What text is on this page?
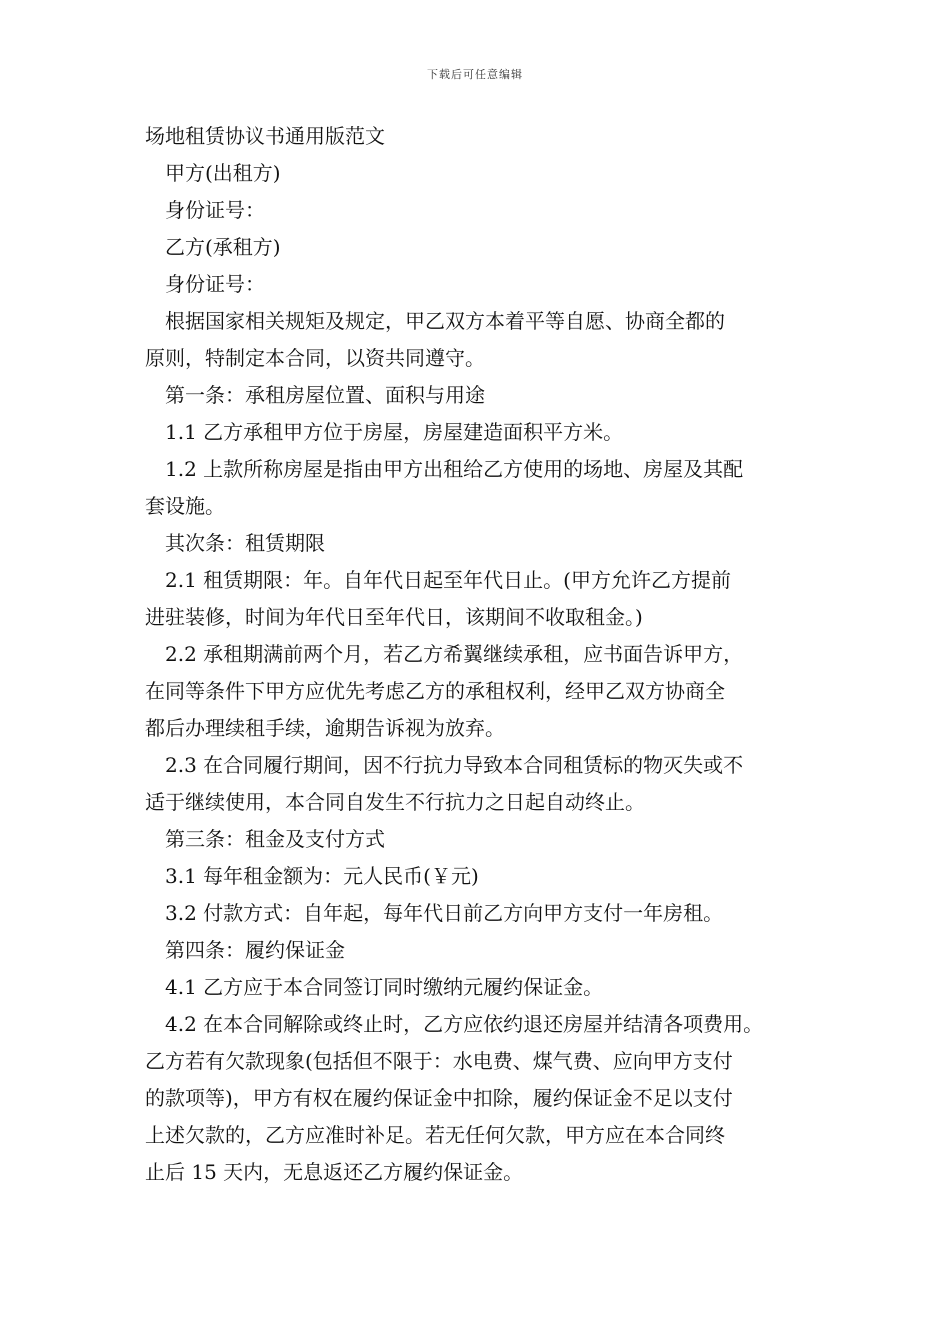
下载后可任意编辑
场地租赁协议书通用版范文
甲方(出租方)
身份证号：
乙方(承租方)
身份证号：
根据国家相关规矩及规定，甲乙双方本着平等自愿、协商全都的
原则，特制定本合同，以资共同遵守。
第一条：承租房屋位置、面积与用途
1.1 乙方承租甲方位于房屋，房屋建造面积平方米。
1.2 上款所称房屋是指由甲方出租给乙方使用的场地、房屋及其配
套设施。
其次条：租赁期限
2.1 租赁期限：年。自年代日起至年代日止。(甲方允许乙方提前
进驻装修，时间为年代日至年代日，该期间不收取租金。)
2.2 承租期满前两个月，若乙方希翼继续承租，应书面告诉甲方，
在同等条件下甲方应优先考虑乙方的承租权利，经甲乙双方协商全
都后办理续租手续，逾期告诉视为放弃。
2.3 在合同履行期间，因不行抗力导致本合同租赁标的物灭失或不
适于继续使用，本合同自发生不行抗力之日起自动终止。
第三条：租金及支付方式
3.1 每年租金额为：元人民币(￥元)
3.2 付款方式：自年起，每年代日前乙方向甲方支付一年房租。
第四条：履约保证金
4.1 乙方应于本合同签订同时缴纳元履约保证金。
4.2 在本合同解除或终止时，乙方应依约退还房屋并结清各项费用。
乙方若有欠款现象(包括但不限于：水电费、煤气费、应向甲方支付
的款项等)，甲方有权在履约保证金中扣除，履约保证金不足以支付
上述欠款的，乙方应准时补足。若无任何欠款，甲方应在本合同终
止后 15 天内，无息返还乙方履约保证金。
